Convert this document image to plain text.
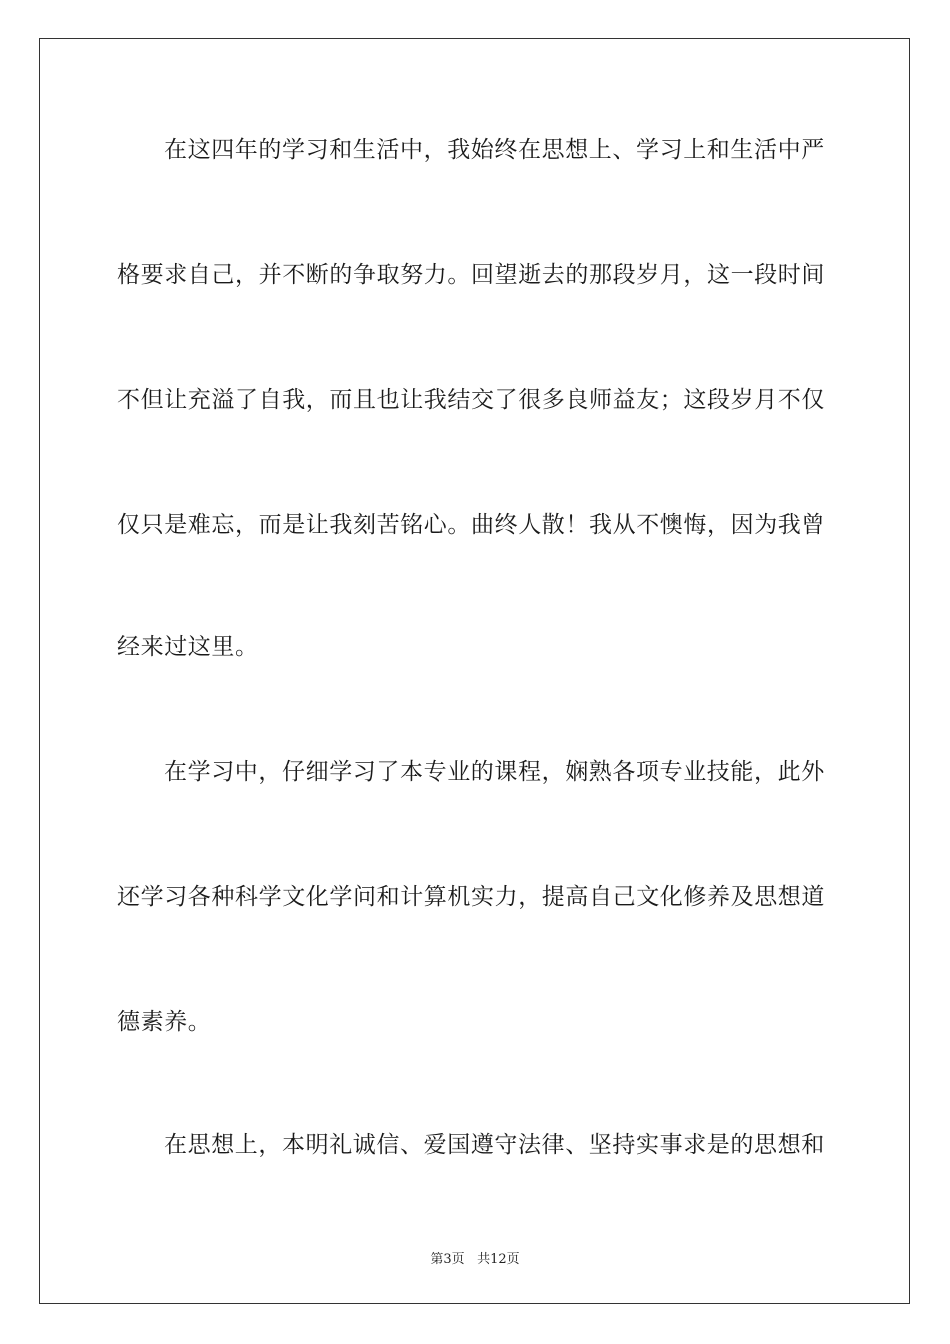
在这四年的学习和生活中，我始终在思想上、学习上和生活中严

格要求自己，并不断的争取努力。回望逝去的那段岁月，这一段时间

不但让充溢了自我，而且也让我结交了很多良师益友；这段岁月不仅

仅只是难忘，而是让我刻苦铭心。曲终人散！我从不懊悔，因为我曾

经来过这里。

在学习中，仔细学习了本专业的课程，娴熟各项专业技能，此外

还学习各种科学文化学问和计算机实力，提高自己文化修养及思想道

德素养。

在思想上，本明礼诚信、爱国遵守法律、坚持实事求是的思想和

第3页 共12页
